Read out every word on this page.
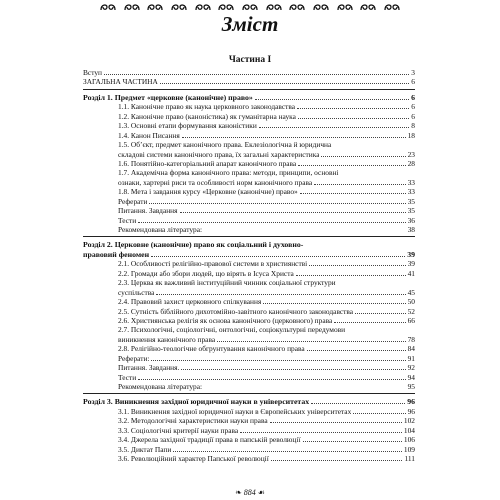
Зміст
Частина І
Вступ	3
ЗАГАЛЬНА ЧАСТИНА	6
Розділ 1. Предмет «церковне (канонічне) право»	6
1.1. Канонічне право як наука церковного законодавства	6
1.2. Канонічне право (каноністика) як гуманітарна наука	6
1.3. Основні етапи формування каноністики	8
1.4. Канон Писання	18
1.5. Об’єкт, предмет канонічного права. Еклезіологічна й юридична
складові системи канонічного права, їх загальні характеристика	23
1.6. Понятійно-категоріальний апарат канонічного права	28
1.7. Академічна форма канонічного права: методи, принципи, основні
ознаки, хартерні риси та особливості норм канонічного права	33
1.8. Мета і завдання курсу «Церковне (канонічне) право»	33
Реферати	35
Питання. Завдання	35
Тести	36
Рекомендована література:	38
Розділ 2. Церковне (канонічне) право як соціальний і духовно-
правовий феномен	39
2.1. Особливості релігійно-правової системи в християнстві	39
2.2. Громади або збори людей, що вірять в Ісуса Христа	41
2.3. Церква як важливий інституційний чинник соціальної структури
суспільства	45
2.4. Правовий захист церковного спілкування	50
2.5. Сутність біблійного дихотомійно-завітного канонічного законодавства	52
2.6. Християнська релігія як основа канонічного (церковного) права	66
2.7. Психологічні, соціологічні, онтологічні, соціокультурні передумови
виникнення канонічного права	78
2.8. Релігійно-теологічне обгрунтування канонічного права	84
Реферати:	91
Питання. Завдання.	92
Тести	94
Рекомендована література:	95
Розділ 3. Виникнення західної юридичної науки в університетах	96
3.1. Виникнення західної юридичної науки в Європейських університетах	96
3.2. Методологічні характеристики науки права	102
3.3. Соціологічні критерії науки права	104
3.4. Джерела західної традиції права в папській революції	106
3.5. Диктат Папи	109
3.6. Революційний характер Папської революції	111
❧ 884 ☙
